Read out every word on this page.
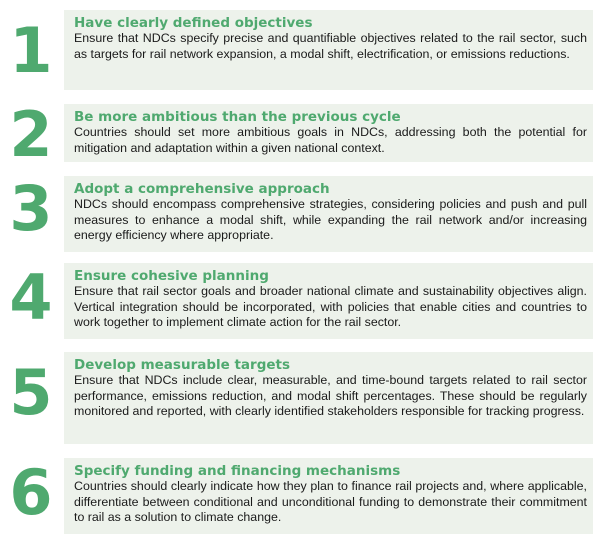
1 Have clearly defined objectives

Ensure that NDCs specify precise and quantifiable objectives related to the rail sector, such as targets for rail network expansion, a modal shift, electrification, or emissions reductions.

2 Be more ambitious than the previous cycle

Countries should set more ambitious goals in NDCs, addressing both the potential for mitigation and adaptation within a given national context.

3 Adopt a comprehensive approach

NDCs should encompass comprehensive strategies, considering policies and push and pull measures to enhance a modal shift, while expanding the rail network and/or increasing energy efficiency where appropriate.

4 Ensure cohesive planning

Ensure that rail sector goals and broader national climate and sustainability objectives align. Vertical integration should be incorporated, with policies that enable cities and countries to work together to implement climate action for the rail sector.

5 Develop measurable targets

Ensure that NDCs include clear, measurable, and time-bound targets related to rail sector performance, emissions reduction, and modal shift percentages. These should be regularly monitored and reported, with clearly identified stakeholders responsible for tracking progress.

6 Specify funding and financing mechanisms

Countries should clearly indicate how they plan to finance rail projects and, where applicable, differentiate between conditional and unconditional funding to demonstrate their commitment to rail as a solution to climate change.
